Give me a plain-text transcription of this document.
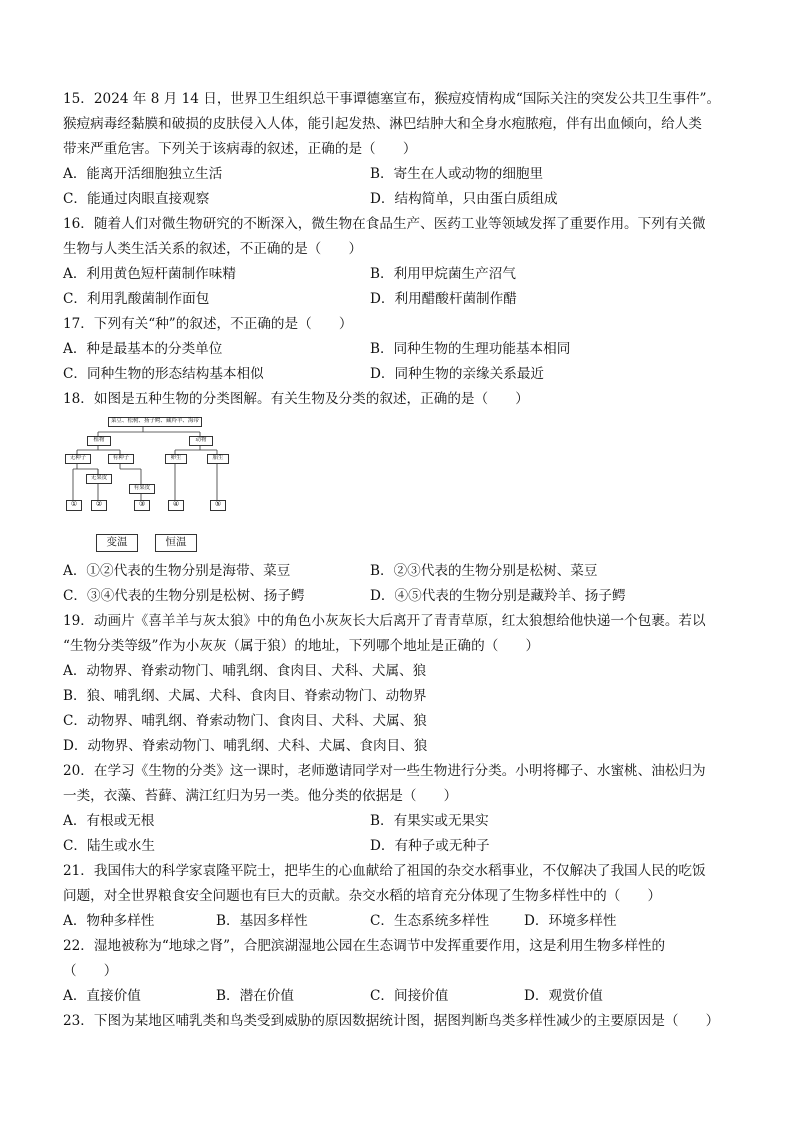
15．2024 年 8 月 14 日，世界卫生组织总干事谭德塞宣布，猴痘疫情构成“国际关注的突发公共卫生事件”。
猴痘病毒经黏膜和破损的皮肤侵入人体，能引起发热、淋巴结肿大和全身水疱脓疱，伴有出血倾向，给人类
带来严重危害。下列关于该病毒的叙述，正确的是（　　）
A．能离开活细胞独立生活	B．寄生在人或动物的细胞里
C．能通过肉眼直接观察	D．结构简单，只由蛋白质组成
16．随着人们对微生物研究的不断深入，微生物在食品生产、医药工业等领域发挥了重要作用。下列有关微
生物与人类生活关系的叙述，不正确的是（　　）
A．利用黄色短杆菌制作味精	B．利用甲烷菌生产沼气
C．利用乳酸菌制作面包	D．利用醋酸杆菌制作醋
17．下列有关“种”的叙述，不正确的是（　　）
A．种是最基本的分类单位	B．同种生物的生理功能基本相同
C．同种生物的形态结构基本相似	D．同种生物的亲缘关系最近
18．如图是五种生物的分类图解。有关生物及分类的叙述，正确的是（　　）
菜豆、松树、扬子鳄、藏羚羊、海带
植物	动物
无种子	有种子
无果皮
有果皮
卵生	胎生
①	②	③	④	⑤
变温	恒温
A．①②代表的生物分别是海带、菜豆	B．②③代表的生物分别是松树、菜豆
C．③④代表的生物分别是松树、扬子鳄	D．④⑤代表的生物分别是藏羚羊、扬子鳄
19．动画片《喜羊羊与灰太狼》中的角色小灰灰长大后离开了青青草原，红太狼想给他快递一个包裹。若以
“生物分类等级”作为小灰灰（属于狼）的地址，下列哪个地址是正确的（　　）
A．动物界、脊索动物门、哺乳纲、食肉目、犬科、犬属、狼
B．狼、哺乳纲、犬属、犬科、食肉目、脊索动物门、动物界
C．动物界、哺乳纲、脊索动物门、食肉目、犬科、犬属、狼
D．动物界、脊索动物门、哺乳纲、犬科、犬属、食肉目、狼
20．在学习《生物的分类》这一课时，老师邀请同学对一些生物进行分类。小明将椰子、水蜜桃、油松归为
一类，衣藻、苔藓、满江红归为另一类。他分类的依据是（　　）
A．有根或无根	B．有果实或无果实
C．陆生或水生	D．有种子或无种子
21．我国伟大的科学家袁隆平院士，把毕生的心血献给了祖国的杂交水稻事业，不仅解决了我国人民的吃饭
问题，对全世界粮食安全问题也有巨大的贡献。杂交水稻的培育充分体现了生物多样性中的（　　）
A．物种多样性	B．基因多样性	C．生态系统多样性	D．环境多样性
22．湿地被称为“地球之肾”，合肥滨湖湿地公园在生态调节中发挥重要作用，这是利用生物多样性的
（　　）
A．直接价值	B．潜在价值	C．间接价值	D．观赏价值
23．下图为某地区哺乳类和鸟类受到威胁的原因数据统计图，据图判断鸟类多样性减少的主要原因是（　　）
